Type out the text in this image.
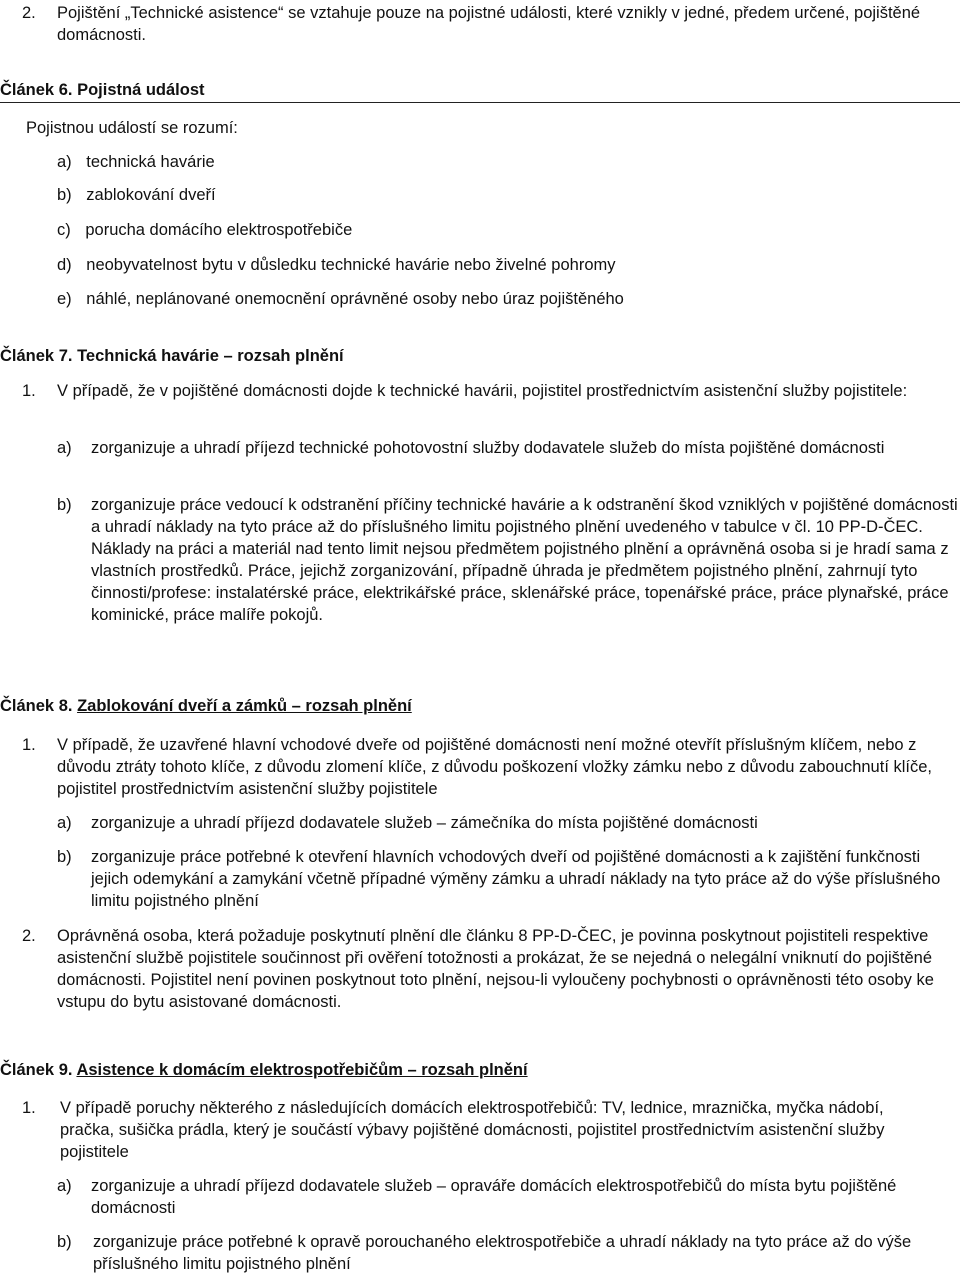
2. Pojištění „Technické asistence“ se vztahuje pouze na pojistné události, které vznikly v jedné, předem určené, pojištěné domácnosti.
Článek 6. Pojistná událost
Pojistnou událostí se rozumí:
a) technická havárie
b) zablokování dveří
c) porucha domácího elektrospotřebiče
d) neobyvatelnost bytu v důsledku technické havárie nebo živelné pohromy
e) náhlé, neplánované onemocnění oprávněné osoby nebo úraz pojištěného
Článek 7. Technická havárie – rozsah plnění
1. V případě, že v pojištěné domácnosti dojde k technické havárii, pojistitel prostřednictvím asistenční služby pojistitele:
a) zorganizuje a uhradí příjezd technické pohotovostní služby dodavatele služeb do místa pojištěné domácnosti
b) zorganizuje práce vedoucí k odstranění příčiny technické havárie a k odstranění škod vzniklých v pojištěné domácnosti a uhradí náklady na tyto práce až do příslušného limitu pojistného plnění uvedeného v tabulce v čl. 10 PP-D-ČEC. Náklady na práci a materiál nad tento limit nejsou předmětem pojistného plnění a oprávněná osoba si je hradí sama z vlastních prostředků. Práce, jejichž zorganizování, případně úhrada je předmětem pojistného plnění, zahrnují tyto činnosti/profese: instalatérské práce, elektrikářské práce, sklenářské práce, topenářské práce, práce plynařské, práce kominické, práce malíře pokojů.
Článek 8. Zablokování dveří a zámků – rozsah plnění
1. V případě, že uzavřené hlavní vchodové dveře od pojištěné domácnosti není možné otevřít příslušným klíčem, nebo z důvodu ztráty tohoto klíče, z důvodu zlomení klíče, z důvodu poškození vložky zámku nebo z důvodu zabouchnutí klíče, pojistitel prostřednictvím asistenční služby pojistitele
a) zorganizuje a uhradí příjezd dodavatele služeb – zámečníka do místa pojištěné domácnosti
b) zorganizuje práce potřebné k otevření hlavních vchodových dveří od pojištěné domácnosti a k zajištění funkčnosti jejich odemykání a zamykání včetně případné výměny zámku a uhradí náklady na tyto práce až do výše příslušného limitu pojistného plnění
2. Oprávněná osoba, která požaduje poskytnutí plnění dle článku 8 PP-D-ČEC, je povinna poskytnout pojistiteli respektive asistenční službě pojistitele součinnost při ověření totožnosti a prokázat, že se nejedná o nelegální vniknutí do pojištěné domácnosti. Pojistitel není povinen poskytnout toto plnění, nejsou-li vyloučeny pochybnosti o oprávněnosti této osoby ke vstupu do bytu asistované domácnosti.
Článek 9. Asistence k domácím elektrospotřebičům – rozsah plnění
1. V případě poruchy některého z následujících domácích elektrospotřebičů: TV, lednice, mraznička, myčka nádobí, pračka, sušička prádla, který je součástí výbavy pojištěné domácnosti, pojistitel prostřednictvím asistenční služby pojistitele
a) zorganizuje a uhradí příjezd dodavatele služeb – opraváře domácích elektrospotřebičů do místa bytu pojištěné domácnosti
b) zorganizuje práce potřebné k opravě porouchaného elektrospotřebiče a uhradí náklady na tyto práce až do výše příslušného limitu pojistného plnění
